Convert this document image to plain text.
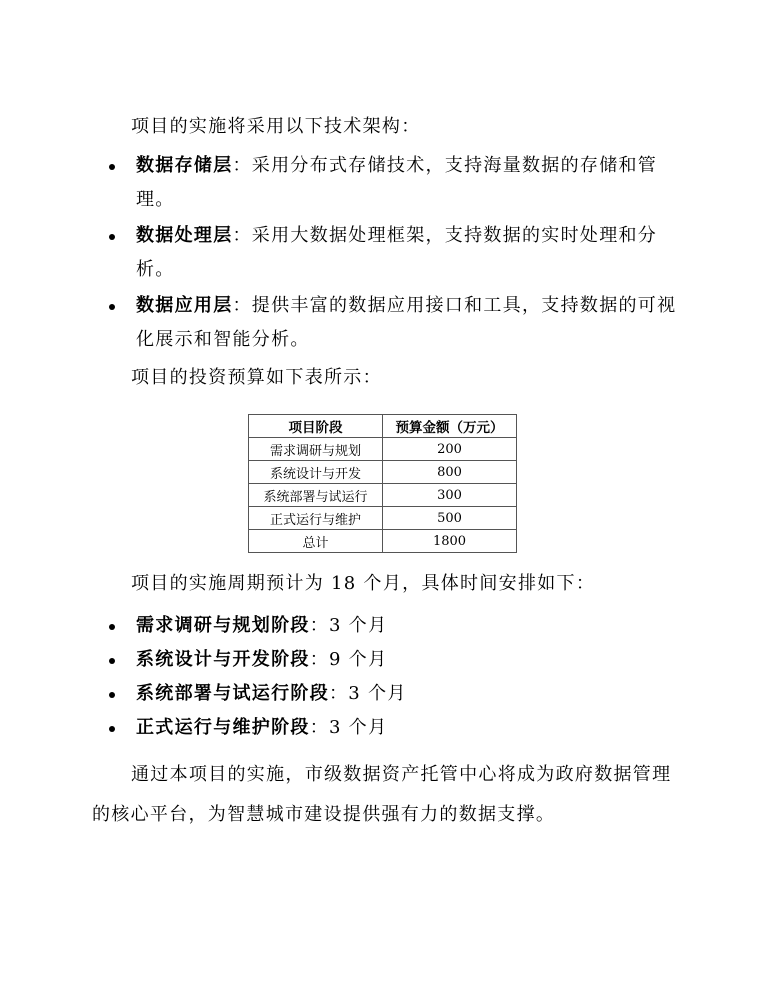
项目的实施将采用以下技术架构：
数据存储层：采用分布式存储技术，支持海量数据的存储和管理。
数据处理层：采用大数据处理框架，支持数据的实时处理和分析。
数据应用层：提供丰富的数据应用接口和工具，支持数据的可视化展示和智能分析。
项目的投资预算如下表所示：
项目阶段	预算金额（万元）
需求调研与规划	200
系统设计与开发	800
系统部署与试运行	300
正式运行与维护	500
总计	1800
项目的实施周期预计为 18 个月，具体时间安排如下：
需求调研与规划阶段：3 个月
系统设计与开发阶段：9 个月
系统部署与试运行阶段：3 个月
正式运行与维护阶段：3 个月
通过本项目的实施，市级数据资产托管中心将成为政府数据管理的核心平台，为智慧城市建设提供强有力的数据支撑。
